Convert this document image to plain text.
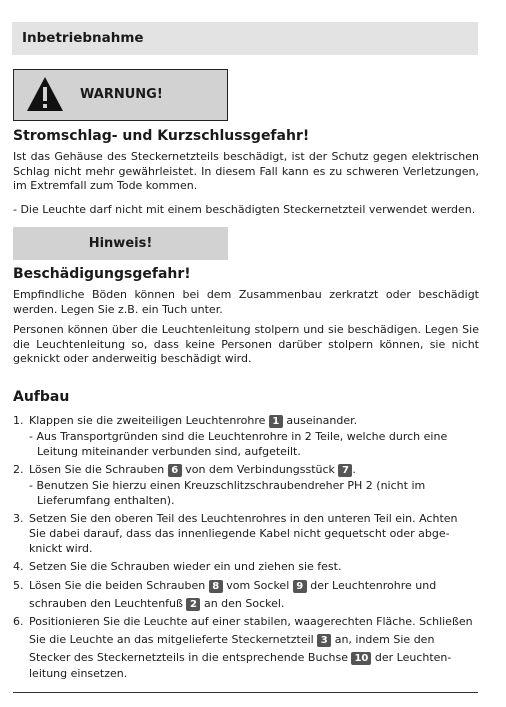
Inbetriebnahme
WARNUNG!
Stromschlag- und Kurzschlussgefahr!
Ist das Gehäuse des Steckernetzteils beschädigt, ist der Schutz gegen elektrischen Schlag nicht mehr gewährleistet. In diesem Fall kann es zu schweren Verletzungen, im Extremfall zum Tode kommen.
- Die Leuchte darf nicht mit einem beschädigten Steckernetzteil verwendet werden.
Hinweis!
Beschädigungsgefahr!
Empfindliche Böden können bei dem Zusammenbau zerkratzt oder beschädigt werden. Legen Sie z.B. ein Tuch unter.
Personen können über die Leuchtenleitung stolpern und sie beschädigen. Legen Sie die Leuchtenleitung so, dass keine Personen darüber stolpern können, sie nicht geknickt oder anderweitig beschädigt wird.
Aufbau
1. Klappen sie die zweiteiligen Leuchtenrohre 1 auseinander.
- Aus Transportgründen sind die Leuchtenrohre in 2 Teile, welche durch eine
Leitung miteinander verbunden sind, aufgeteilt.
2. Lösen Sie die Schrauben 6 von dem Verbindungsstück 7 .
- Benutzen Sie hierzu einen Kreuzschlitzschraubendreher PH 2 (nicht im
Lieferumfang enthalten).
3. Setzen Sie den oberen Teil des Leuchtenrohres in den unteren Teil ein. Achten
Sie dabei darauf, dass das innenliegende Kabel nicht gequetscht oder abge-
knickt wird.
4. Setzen Sie die Schrauben wieder ein und ziehen sie fest.
5. Lösen Sie die beiden Schrauben 8 vom Sockel 9 der Leuchtenrohre und
schrauben den Leuchtenfuß 2 an den Sockel.
6. Positionieren Sie die Leuchte auf einer stabilen, waagerechten Fläche. Schließen
Sie die Leuchte an das mitgelieferte Steckernetzteil 3 an, indem Sie den
Stecker des Steckernetzteils in die entsprechende Buchse 10 der Leuchten-
leitung einsetzen.
